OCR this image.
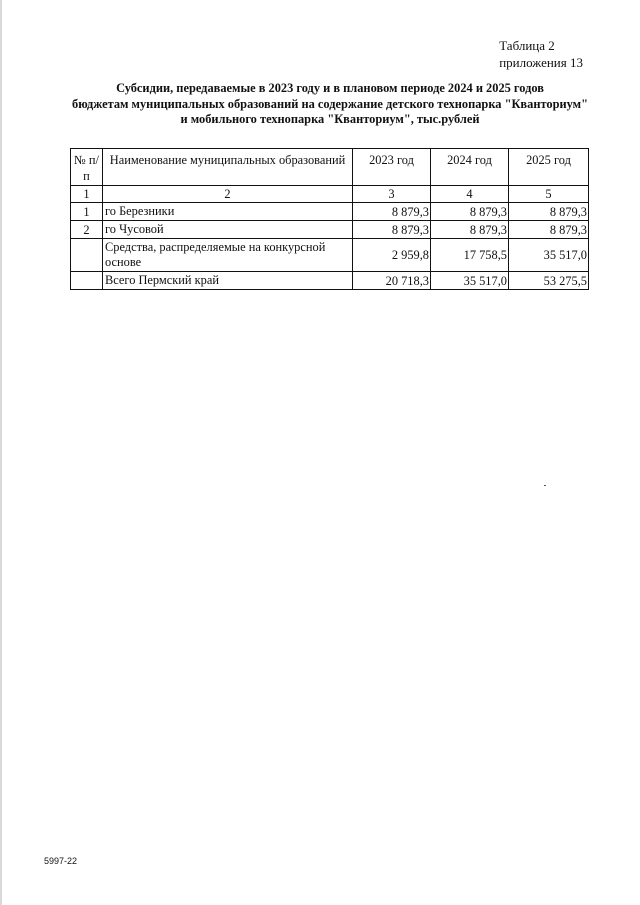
Таблица 2
приложения 13
Субсидии, передаваемые в 2023 году и в плановом периоде 2024 и 2025 годов
бюджетам муниципальных образований на содержание детского технопарка "Кванториум"
и мобильного технопарка "Кванториум", тыс.рублей
№ п/п	Наименование муниципальных образований	2023 год	2024 год	2025 год
1	2	3	4	5
1	го Березники	8 879,3	8 879,3	8 879,3
2	го Чусовой	8 879,3	8 879,3	8 879,3
	Средства, распределяемые на конкурсной основе	2 959,8	17 758,5	35 517,0
	Всего Пермский край	20 718,3	35 517,0	53 275,5
5997-22
